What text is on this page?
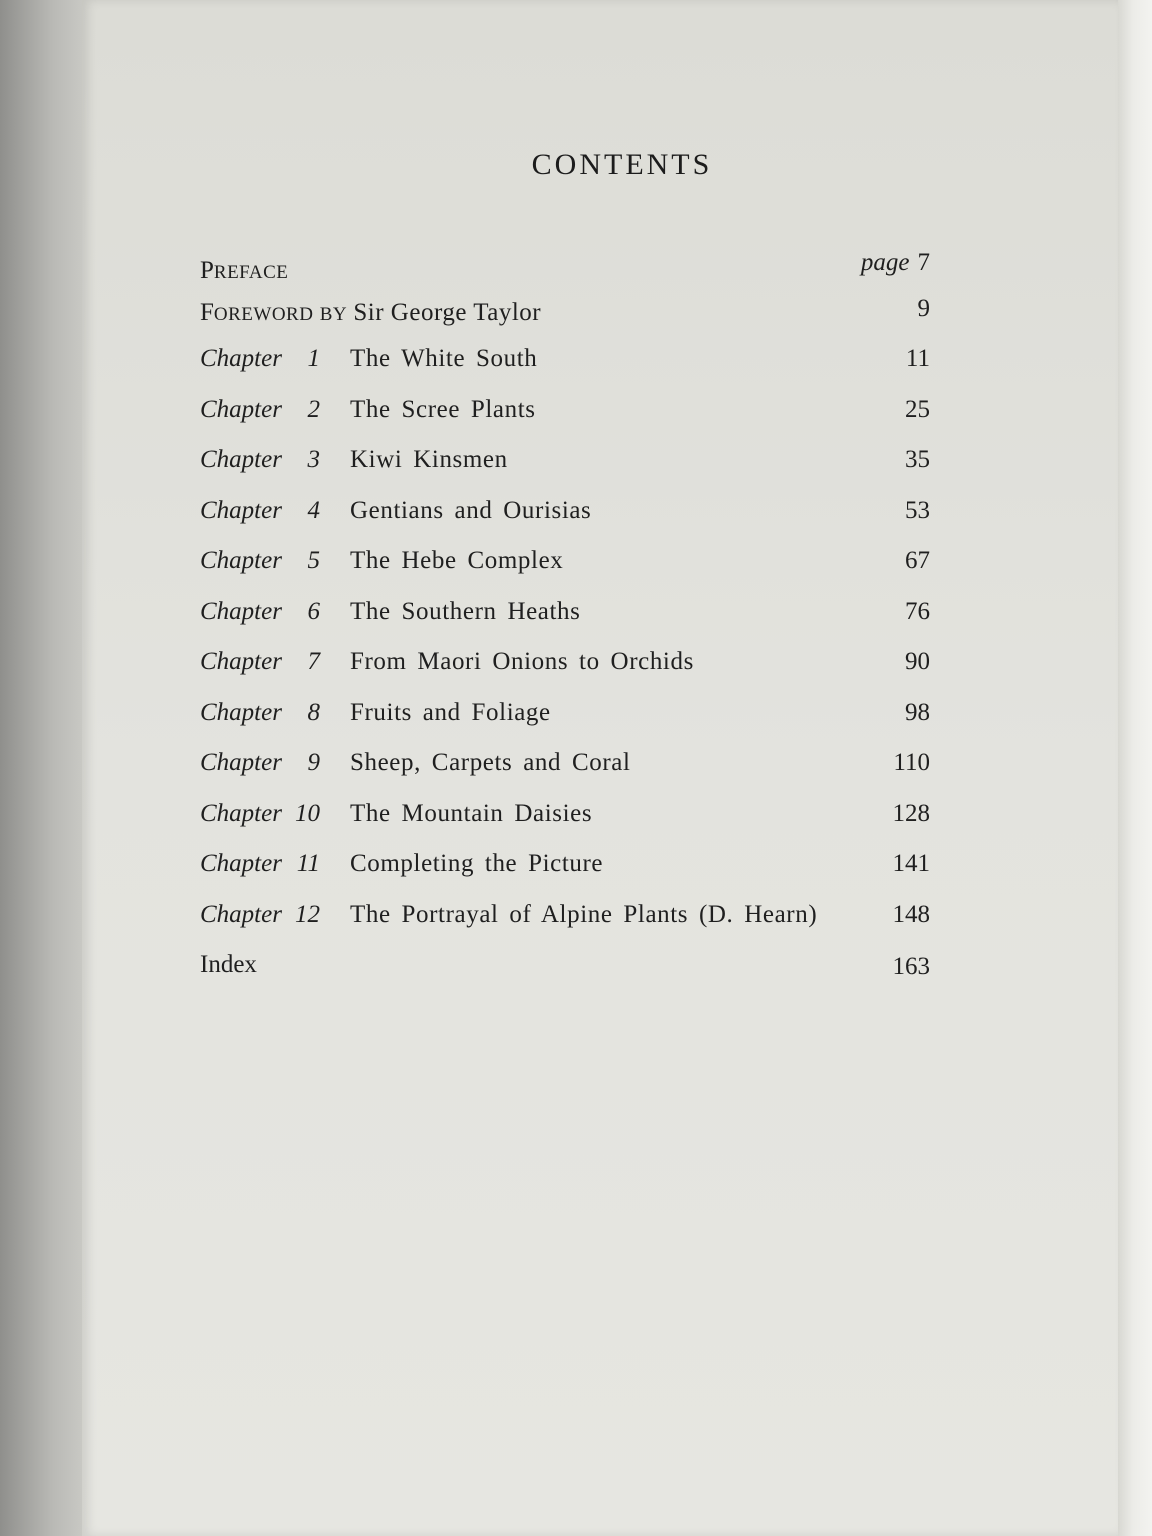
CONTENTS
PREFACE	page 7
FOREWORD BY Sir George Taylor	9
Chapter 1 The White South	11
Chapter 2 The Scree Plants	25
Chapter 3 Kiwi Kinsmen	35
Chapter 4 Gentians and Ourisias	53
Chapter 5 The Hebe Complex	67
Chapter 6 The Southern Heaths	76
Chapter 7 From Maori Onions to Orchids	90
Chapter 8 Fruits and Foliage	98
Chapter 9 Sheep, Carpets and Coral	110
Chapter 10 The Mountain Daisies	128
Chapter 11 Completing the Picture	141
Chapter 12 The Portrayal of Alpine Plants (D. Hearn)	148
Index	163
